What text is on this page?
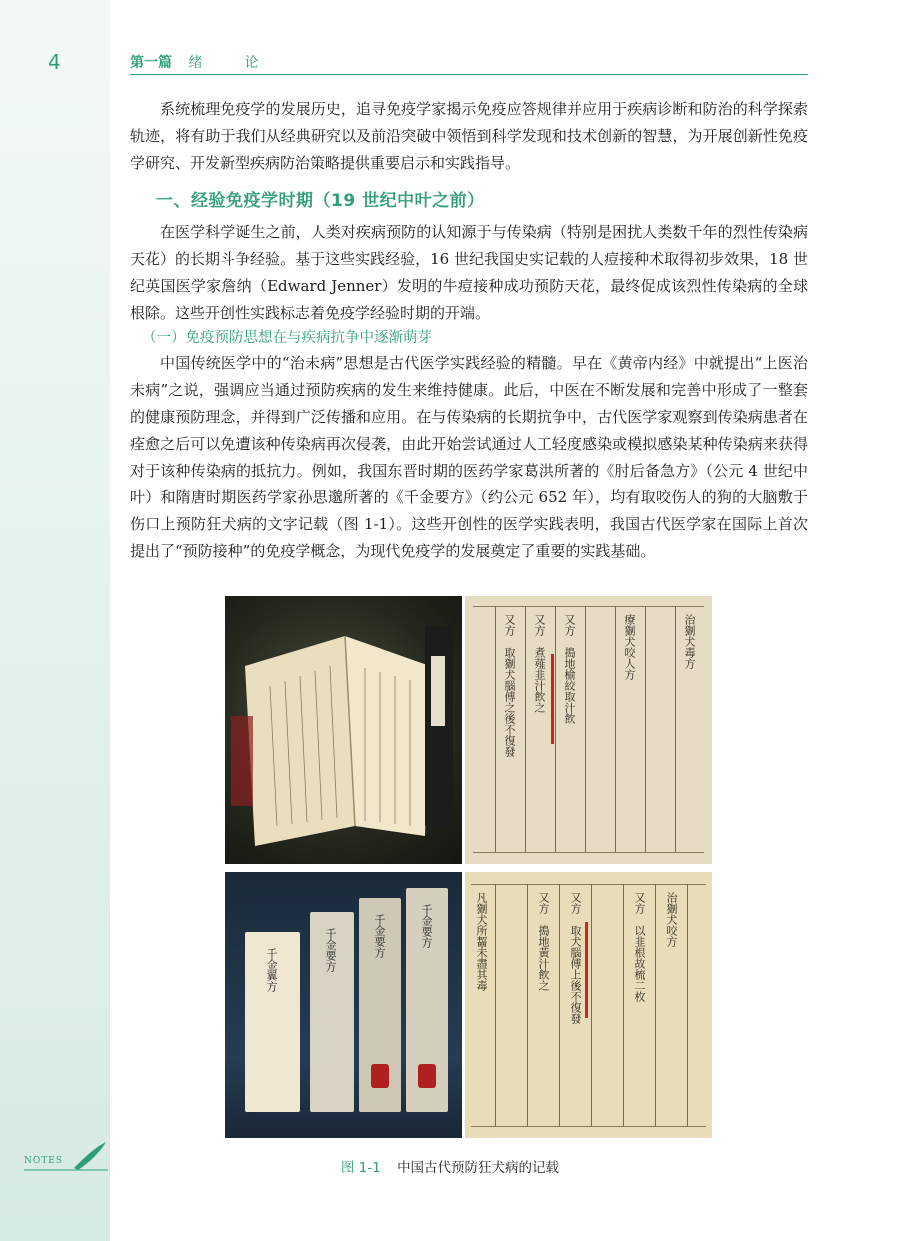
4	第一篇 绪　论

系统梳理免疫学的发展历史，追寻免疫学家揭示免疫应答规律并应用于疾病诊断和防治的科学探索轨迹，将有助于我们从经典研究以及前沿突破中领悟到科学发现和技术创新的智慧，为开展创新性免疫学研究、开发新型疾病防治策略提供重要启示和实践指导。

一、经验免疫学时期（19 世纪中叶之前）

在医学科学诞生之前，人类对疾病预防的认知源于与传染病（特别是困扰人类数千年的烈性传染病天花）的长期斗争经验。基于这些实践经验，16 世纪我国史实记载的人痘接种术取得初步效果，18 世纪英国医学家詹纳（Edward Jenner）发明的牛痘接种成功预防天花，最终促成该烈性传染病的全球根除。这些开创性实践标志着免疫学经验时期的开端。

（一）免疫预防思想在与疾病抗争中逐渐萌芽

中国传统医学中的“治未病”思想是古代医学实践经验的精髓。早在《黄帝内经》中就提出“上医治未病”之说，强调应当通过预防疾病的发生来维持健康。此后，中医在不断发展和完善中形成了一整套的健康预防理念，并得到广泛传播和应用。在与传染病的长期抗争中，古代医学家观察到传染病患者在痊愈之后可以免遭该种传染病再次侵袭，由此开始尝试通过人工轻度感染或模拟感染某种传染病来获得对于该种传染病的抵抗力。例如，我国东晋时期的医药学家葛洪所著的《肘后备急方》（公元 4 世纪中叶）和隋唐时期医药学家孙思邈所著的《千金要方》（约公元 652 年），均有取咬伤人的狗的大脑敷于伤口上预防狂犬病的文字记载（图 1-1）。这些开创性的医学实践表明，我国古代医学家在国际上首次提出了“预防接种”的免疫学概念，为现代免疫学的发展奠定了重要的实践基础。

又方　取猘犬腦傅之後不復發 又方　煮薤韭汁飲之 又方　搗地榆絞取汁飲	療猘犬咬人方	治猘犬毒方
千金翼方	千金要方	千金要方	千金要方	治猘犬咬方
又方　以韭根故梳二枚
又方　取犬腦傅上後不復發
又方　搗地黃汁飲之
凡猘犬所齧未盡其毒
图 1-1 中国古代预防狂犬病的记载
NOTES
